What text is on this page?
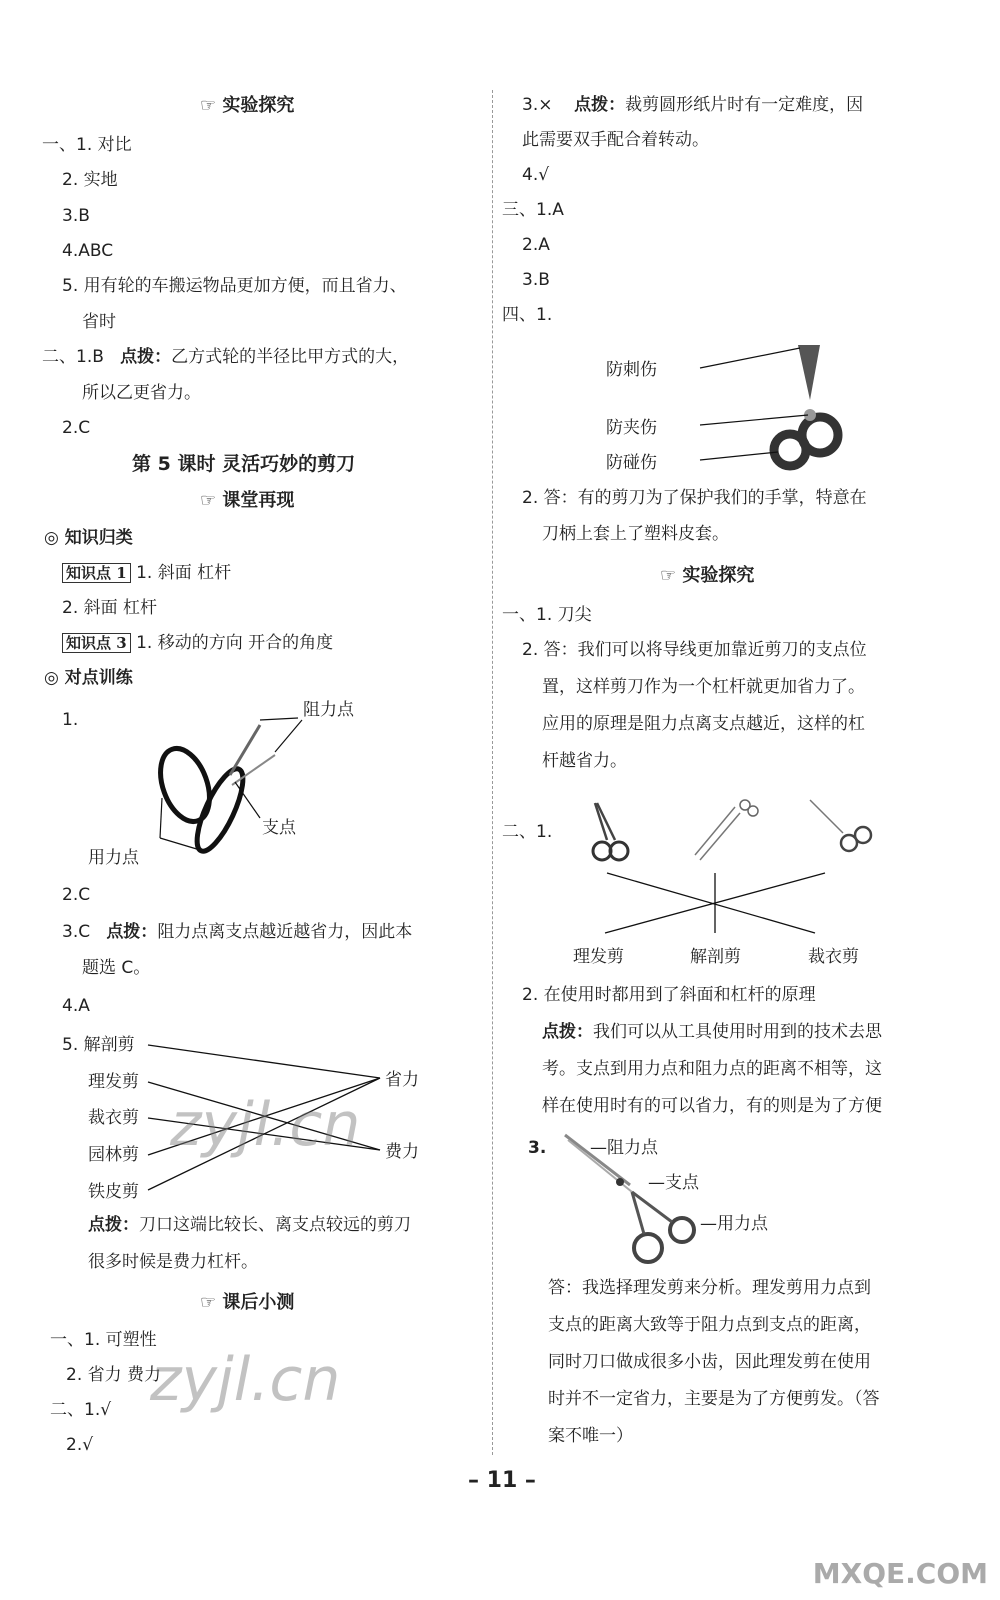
☞ 实验探究
一、1. 对比
2. 实地
3.B
4.ABC
5. 用有轮的车搬运物品更加方便，而且省力、
省时
二、1.B 点拨：乙方式轮的半径比甲方式的大，
所以乙更省力。
2.C
第 5 课时 灵活巧妙的剪刀
☞ 课堂再现
◎ 知识归类
知识点 1 1. 斜面 杠杆
2. 斜面 杠杆
知识点 3 1. 移动的方向 开合的角度
◎ 对点训练
1.	阻力点
支点
用力点
2.C
3.C 点拨：阻力点离支点越近越省力，因此本
题选 C。
4.A
5. 解剖剪
理发剪
裁衣剪
园林剪
铁皮剪
省力
费力
点拨：刀口这端比较长、离支点较远的剪刀
很多时候是费力杠杆。
☞ 课后小测
一、1. 可塑性
2. 省力 费力
二、1.√
2.√
3.× 点拨：裁剪圆形纸片时有一定难度，因
此需要双手配合着转动。
4.√
三、1.A
2.A
3.B
四、1.
防刺伤
防夹伤
防碰伤
2. 答：有的剪刀为了保护我们的手掌，特意在
刀柄上套上了塑料皮套。
☞ 实验探究
一、1. 刀尖
2. 答：我们可以将导线更加靠近剪刀的支点位
置，这样剪刀作为一个杠杆就更加省力了。
应用的原理是阻力点离支点越近，这样的杠
杆越省力。
二、1.
理发剪	解剖剪	裁衣剪
2. 在使用时都用到了斜面和杠杆的原理
点拨：我们可以从工具使用时用到的技术去思
考。支点到用力点和阻力点的距离不相等，这
样在使用时有的可以省力，有的则是为了方便
3.	—阻力点
—支点
—用力点
答：我选择理发剪来分析。理发剪用力点到
支点的距离大致等于阻力点到支点的距离，
同时刀口做成很多小齿，因此理发剪在使用
时并不一定省力，主要是为了方便剪发。（答
案不唯一）
zyjl.cn
zyjl.cn
– 11 –
MXQE.COM
